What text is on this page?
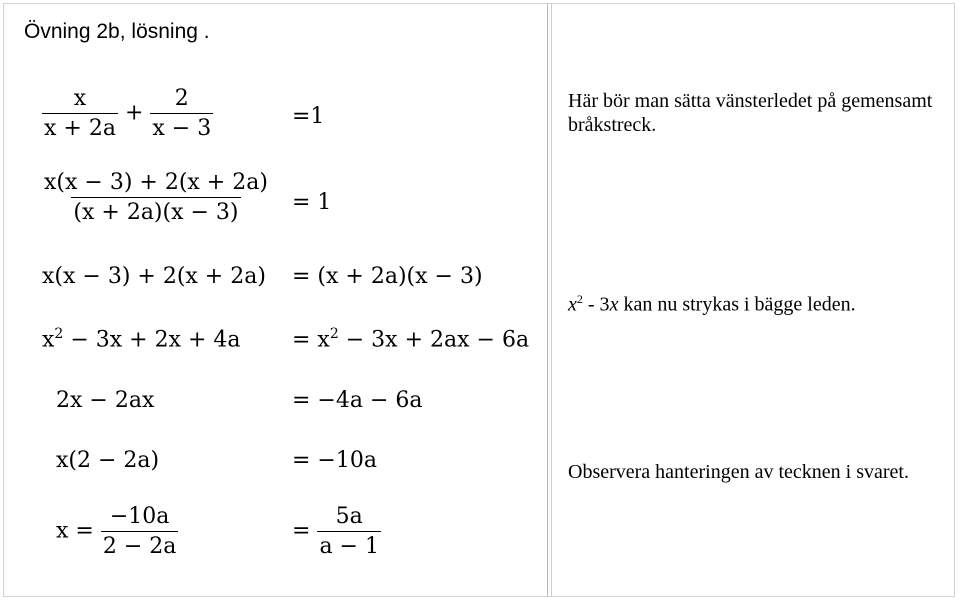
Övning 2b, lösning .
$\frac{x}{x + 2a} + \frac{2}{x - 3}$	=1
$\frac{x(x - 3) + 2(x + 2a)}{(x + 2a)(x - 3)} = 1$
x(x − 3) + 2(x + 2a) = (x + 2a)(x − 3)
$x^2 - 3x + 2x + 4a = x^2 - 3x + 2ax - 6a$
2x − 2ax	= −4a − 6a
x(2 − 2a)	= −10a
$x = \frac{-10a}{2 - 2a}$	= $\frac{5a}{a - 1}$

Här bör man sätta vänsterledet på gemensamt bråkstreck.

$x^2 - 3x$ kan nu strykas i bägge leden.

Observera hanteringen av tecknen i svaret.
